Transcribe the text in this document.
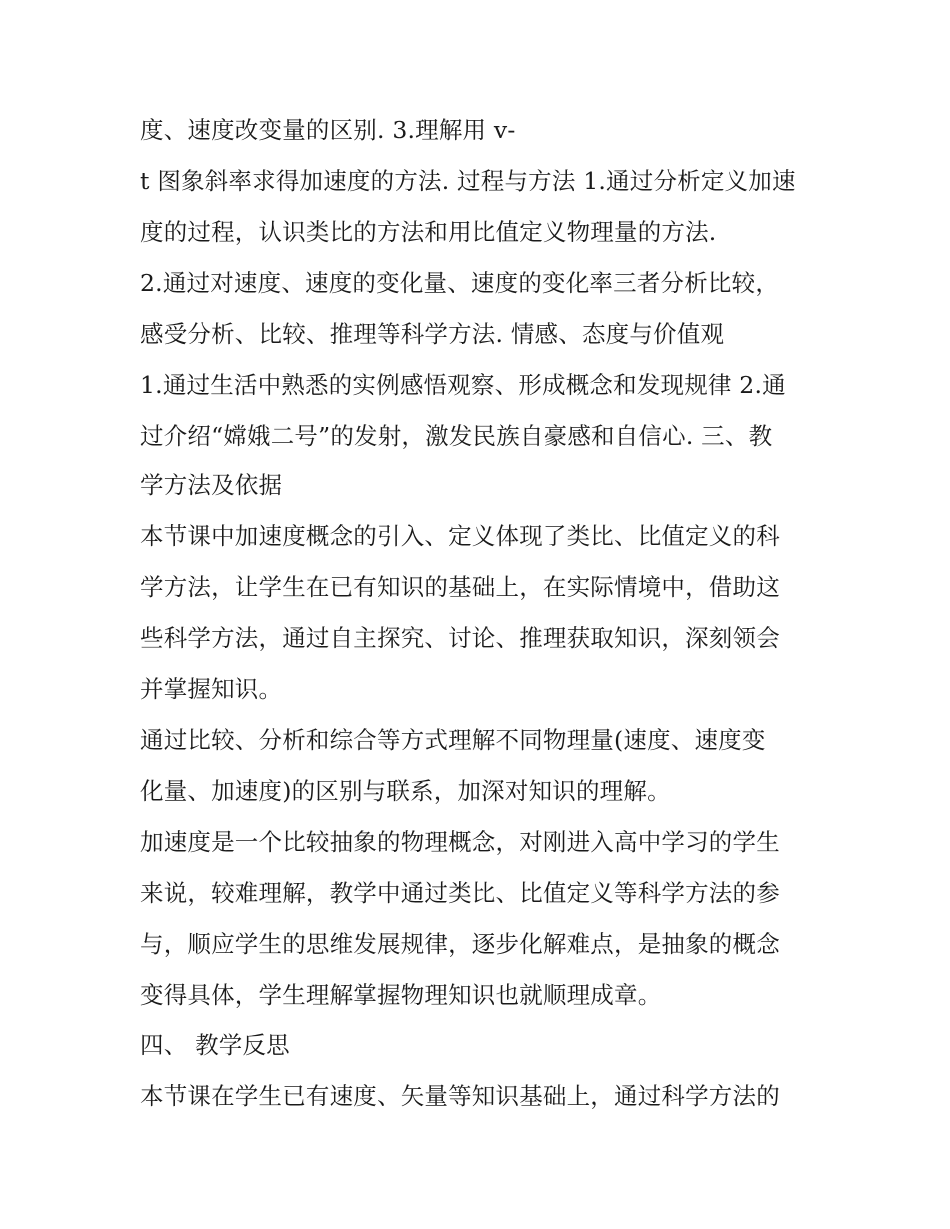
度、速度改变量的区别. 3.理解用 v-
t 图象斜率求得加速度的方法. 过程与方法 1.通过分析定义加速
度的过程，认识类比的方法和用比值定义物理量的方法.
2.通过对速度、速度的变化量、速度的变化率三者分析比较，
感受分析、比较、推理等科学方法. 情感、态度与价值观
1.通过生活中熟悉的实例感悟观察、形成概念和发现规律 2.通
过介绍“嫦娥二号”的发射，激发民族自豪感和自信心. 三、教
学方法及依据
本节课中加速度概念的引入、定义体现了类比、比值定义的科
学方法，让学生在已有知识的基础上，在实际情境中，借助这
些科学方法，通过自主探究、讨论、推理获取知识，深刻领会
并掌握知识。
通过比较、分析和综合等方式理解不同物理量(速度、速度变
化量、加速度)的区别与联系，加深对知识的理解。
加速度是一个比较抽象的物理概念，对刚进入高中学习的学生
来说，较难理解，教学中通过类比、比值定义等科学方法的参
与，顺应学生的思维发展规律，逐步化解难点，是抽象的概念
变得具体，学生理解掌握物理知识也就顺理成章。
四、 教学反思
本节课在学生已有速度、矢量等知识基础上，通过科学方法的
